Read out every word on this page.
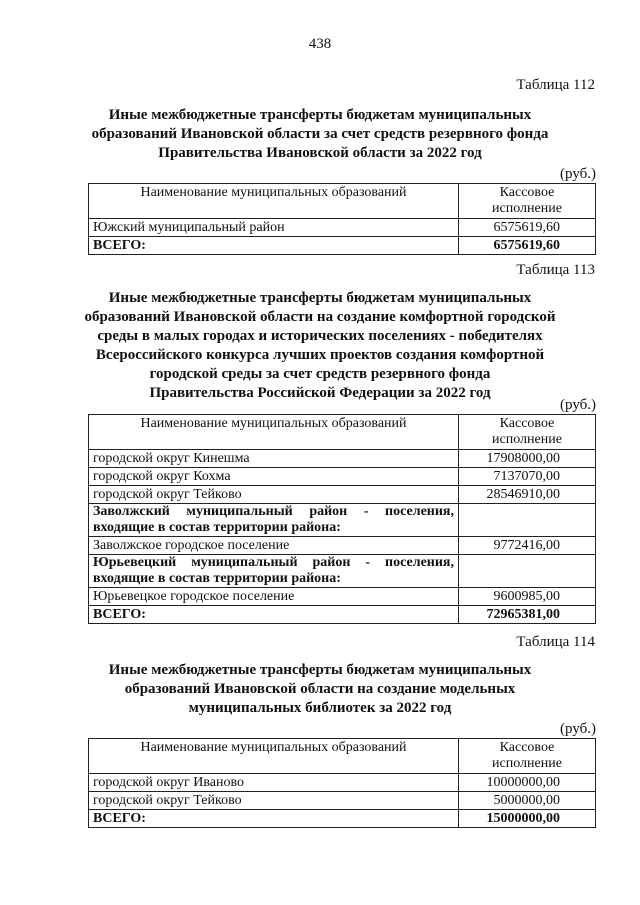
438
Таблица 112
Иные межбюджетные трансферты бюджетам муниципальных
образований Ивановской области за счет средств резервного фонда
Правительства Ивановской области за 2022 год
(руб.)
Наименование муниципальных образований	Кассовое
исполнение

Южский муниципальный район	6575619,60
ВСЕГО:	6575619,60
Таблица 113
Иные межбюджетные трансферты бюджетам муниципальных
образований Ивановской области на создание комфортной городской
среды в малых городах и исторических поселениях - победителях
Всероссийского конкурса лучших проектов создания комфортной
городской среды за счет средств резервного фонда
Правительства Российской Федерации за 2022 год
(руб.)
Наименование муниципальных образований	Кассовое
исполнение

городской округ Кинешма	17908000,00
городской округ Кохма	7137070,00
городской округ Тейково	28546910,00
Заволжский муниципальный район - поселения, входящие в состав территории района:	
Заволжское городское поселение	9772416,00
Юрьевецкий муниципальный район - поселения, входящие в состав территории района:	
Юрьевецкое городское поселение	9600985,00
ВСЕГО:	72965381,00
Таблица 114
Иные межбюджетные трансферты бюджетам муниципальных
образований Ивановской области на создание модельных
муниципальных библиотек за 2022 год
(руб.)
Наименование муниципальных образований	Кассовое
исполнение

городской округ Иваново	10000000,00
городской округ Тейково	5000000,00
ВСЕГО:	15000000,00
